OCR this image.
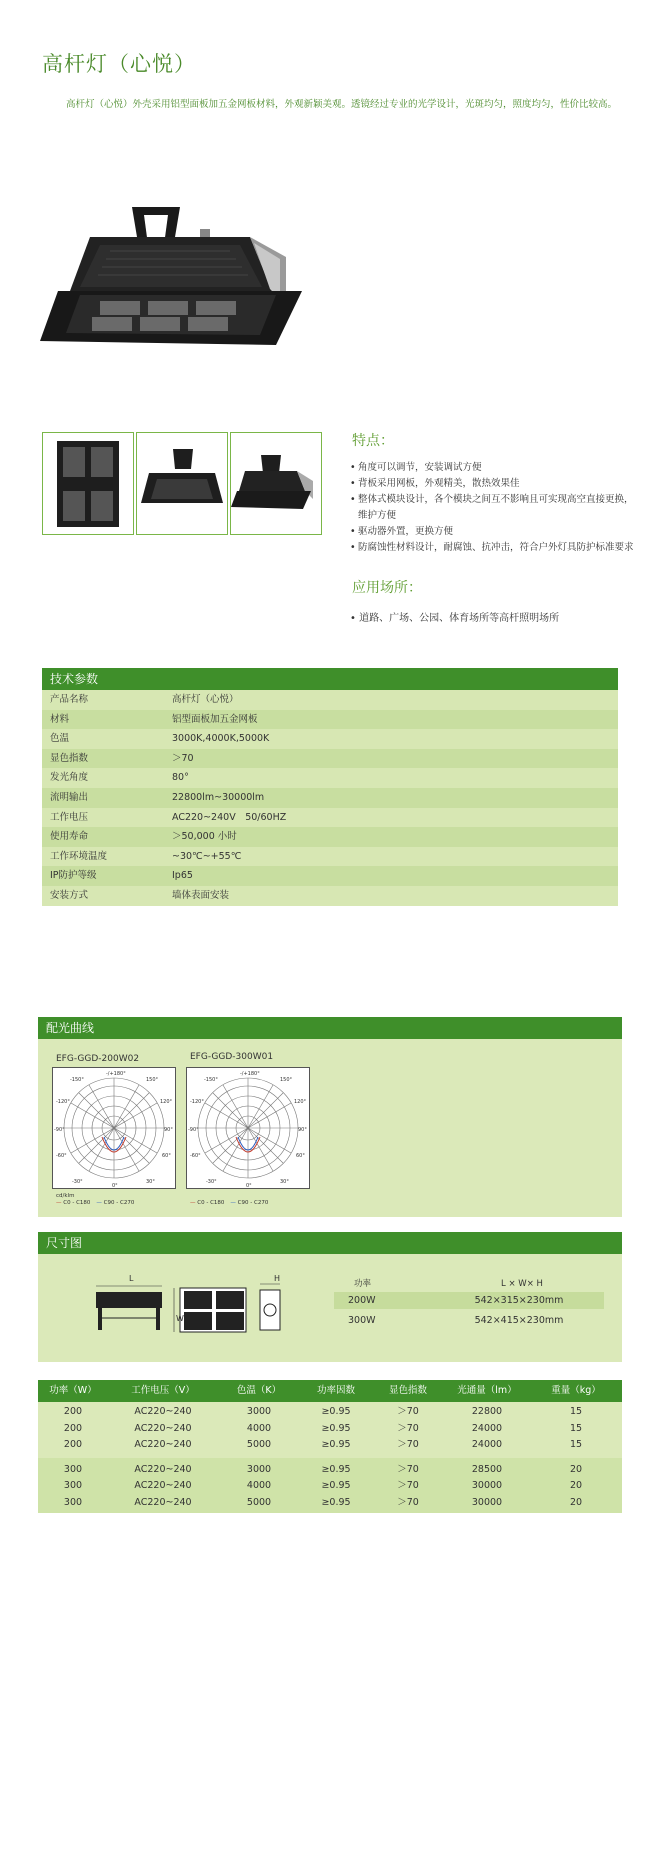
高杆灯（心悦）
高杆灯（心悦）外壳采用铝型面板加五金网板材料，外观新颖美观。透镜经过专业的光学设计，光斑均匀，照度均匀，性价比较高。
特点：
• 角度可以调节，安装调试方便
• 背板采用网板，外观精美，散热效果佳
• 整体式模块设计，各个模块之间互不影响且可实现高空直接更换，维护方便
• 驱动器外置，更换方便
• 防腐蚀性材料设计，耐腐蚀、抗冲击，符合户外灯具防护标准要求
应用场所：
• 道路、广场、公园、体育场所等高杆照明场所
技术参数
产品名称	高杆灯（心悦）
材料	铝型面板加五金网板
色温	3000K,4000K,5000K
显色指数	＞70
发光角度	80°
流明输出	22800lm~30000lm
工作电压	AC220~240V　50/60HZ
使用寿命	＞50,000 小时
工作环境温度	~30℃~+55℃
IP防护等级	Ip65
安装方式	墙体表面安装
配光曲线
EFG-GGD-200W02	EFG-GGD-300W01
-/+180°
-150°	150°
-120°	120°
-90°	90°
-60°	60°
-30°	30°
0°
-/+180°
-150°	150°
-120°	120°
-90°	90°
-60°	60°
-30°	30°
0°
cd/klm
— C0 - C180 — C90 - C270	— C0 - C180 — C90 - C270
尺寸图
L
W
H
功率	L × W× H
200W	542×315×230mm
300W	542×415×230mm
功率（W）	工作电压（V）	色温（K）	功率因数	显色指数	光通量（lm）	重量（kg）
200	AC220~240	3000	≥0.95	＞70	22800	15
200	AC220~240	4000	≥0.95	＞70	24000	15
200	AC220~240	5000	≥0.95	＞70	24000	15
300	AC220~240	3000	≥0.95	＞70	28500	20
300	AC220~240	4000	≥0.95	＞70	30000	20
300	AC220~240	5000	≥0.95	＞70	30000	20
